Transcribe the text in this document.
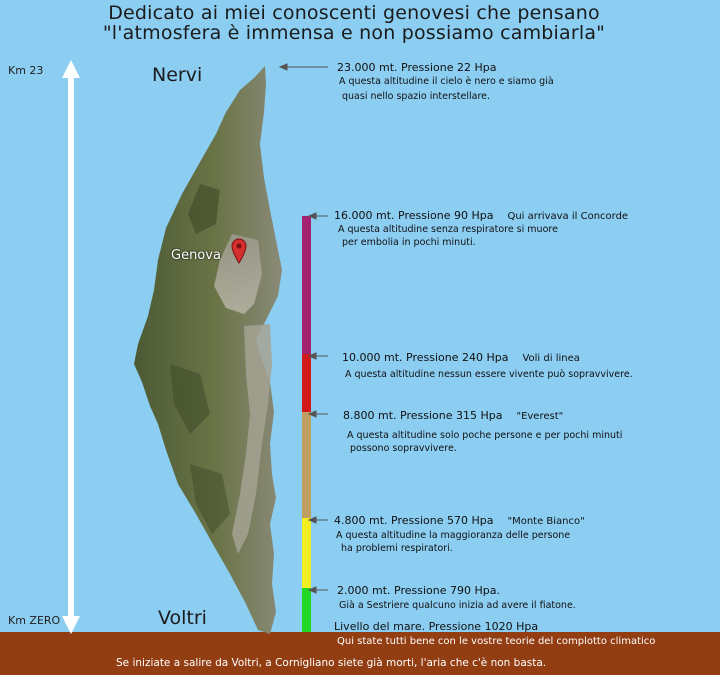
Dedicato ai miei conoscenti genovesi che pensano
"l'atmosfera è immensa e non possiamo cambiarla"
Km 23
Km ZERO
Genova
Nervi
Voltri
23.000 mt. Pressione 22 Hpa
A questa altitudine il cielo è nero e siamo già
quasi nello spazio interstellare.
16.000 mt. Pressione 90 Hpa Qui arrivava il Concorde
A questa altitudine senza respiratore si muore
per embolia in pochi minuti.
10.000 mt. Pressione 240 Hpa Voli di linea
A questa altitudine nessun essere vivente può sopravvivere.
8.800 mt. Pressione 315 Hpa "Everest"
A questa altitudine solo poche persone e per pochi minuti
possono sopravvivere.
4.800 mt. Pressione 570 Hpa "Monte Bianco"
A questa altitudine la maggioranza delle persone
ha problemi respiratori.
2.000 mt. Pressione 790 Hpa.
Già a Sestriere qualcuno inizia ad avere il fiatone.
Livello del mare. Pressione 1020 Hpa
Qui state tutti bene con le vostre teorie del complotto climatico
Se iniziate a salire da Voltri, a Cornigliano siete già morti, l'aria che c'è non basta.
